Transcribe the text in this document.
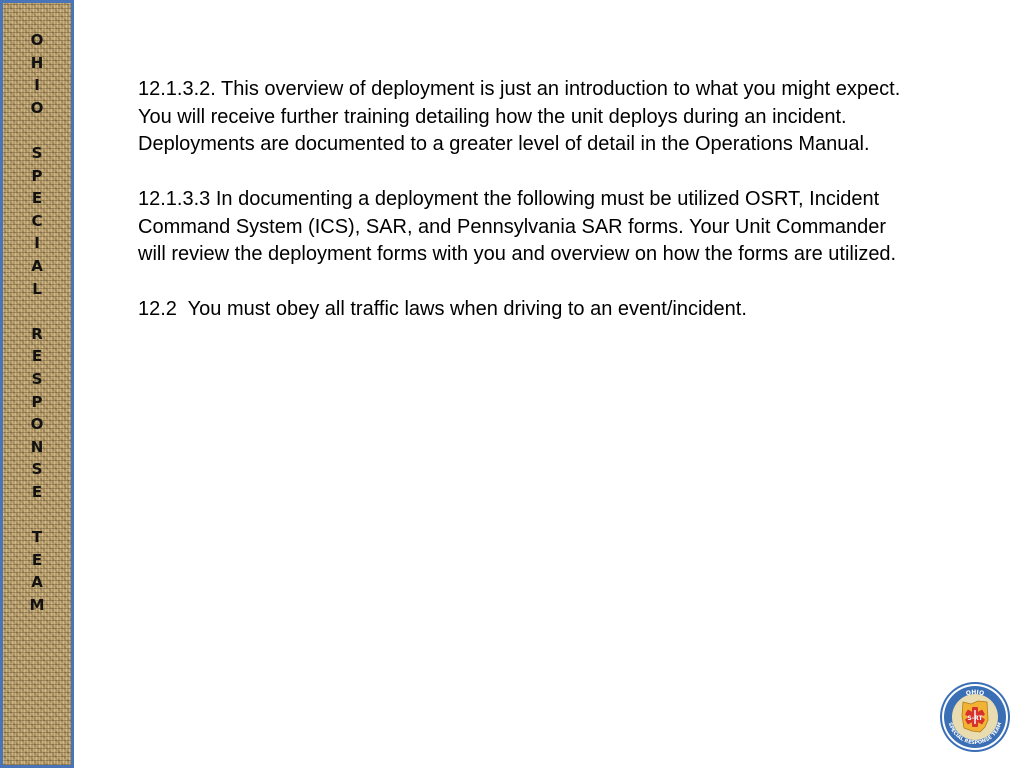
O
H
I
O
S
P
E
C
I
A
L
R
E
S
P
O
N
S
E
T
E
A
M

12.1.3.2. This overview of deployment is just an introduction to what you might expect.  You will receive further training detailing how the unit deploys during an incident.  Deployments are documented to a greater level of detail in the Operations Manual.

12.1.3.3 In documenting a deployment the following must be utilized OSRT, Incident Command System (ICS), SAR, and Pennsylvania SAR forms. Your Unit Commander will review the deployment forms with you and overview on how the forms are utilized.

12.2  You must obey all traffic laws when driving to an event/incident.

S-RT
OHIO
SPECIAL RESPONSE TEAM
